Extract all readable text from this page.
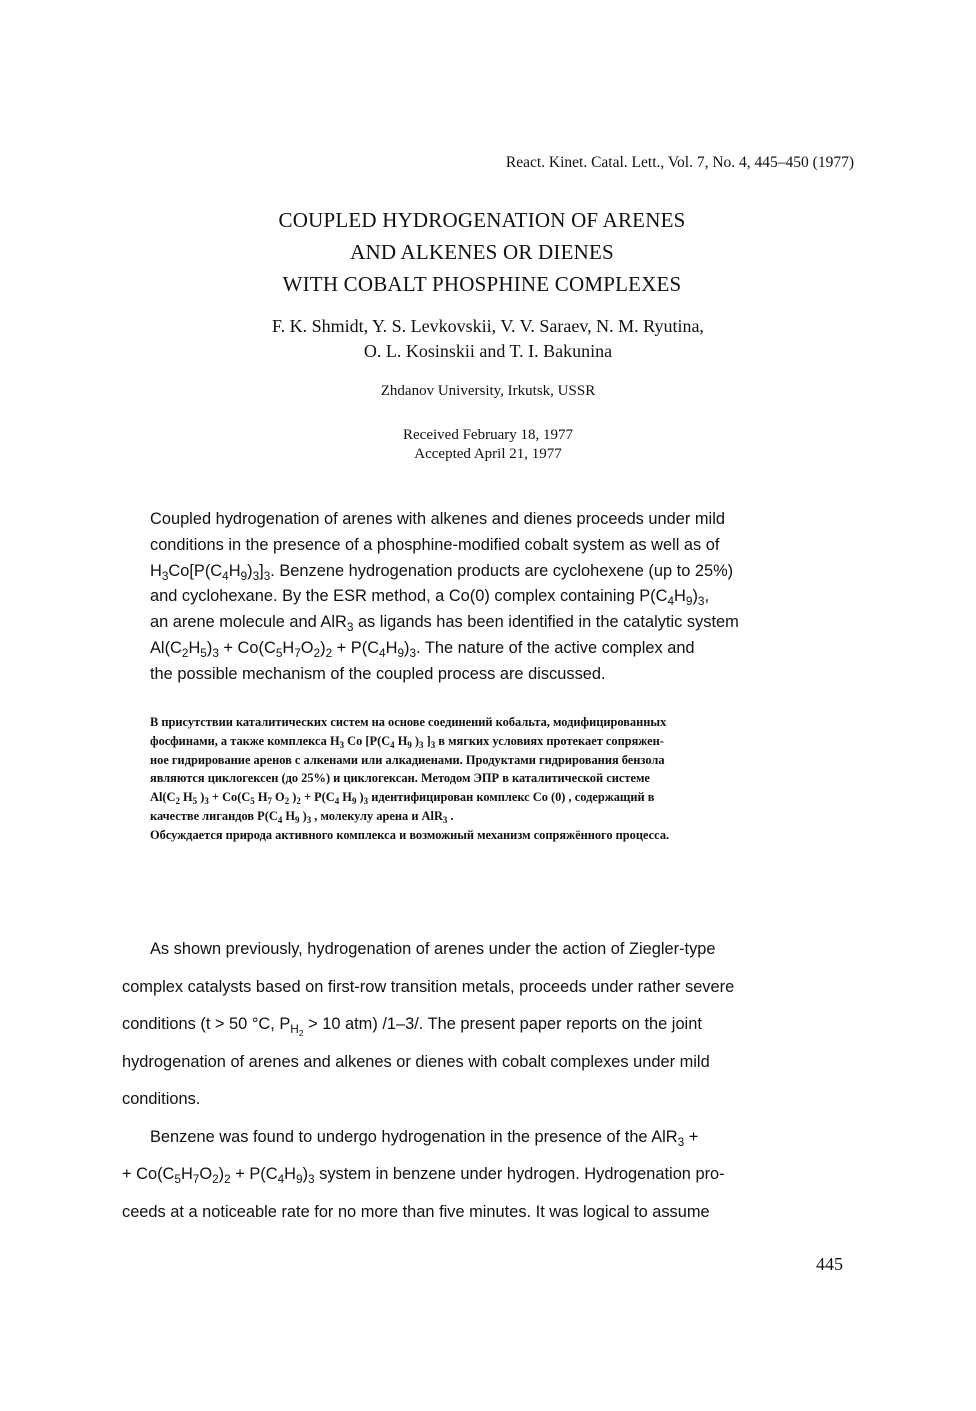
React. Kinet. Catal. Lett., Vol. 7, No. 4, 445–450 (1977)
COUPLED HYDROGENATION OF ARENES
AND ALKENES OR DIENES
WITH COBALT PHOSPHINE COMPLEXES
F. K. Shmidt, Y. S. Levkovskii, V. V. Saraev, N. M. Ryutina,
O. L. Kosinskii and T. I. Bakunina
Zhdanov University, Irkutsk, USSR
Received February 18, 1977
Accepted April 21, 1977
Coupled hydrogenation of arenes with alkenes and dienes proceeds under mild
conditions in the presence of a phosphine-modified cobalt system as well as of
$H_3Co[P(C_4H_9)_3]_3$. Benzene hydrogenation products are cyclohexene (up to 25%)
and cyclohexane. By the ESR method, a Co(0) complex containing $P(C_4H_9)_3$,
an arene molecule and AlR$_3$ as ligands has been identified in the catalytic system
$Al(C_2H_5)_3 + Co(C_5H_7O_2)_2 + P(C_4H_9)_3$. The nature of the active complex and
the possible mechanism of the coupled process are discussed.
В присутствии каталитических систем на основе соединений кобальта, модифицированных
фосфинами, а также комплекса $H_3$ Co [$P(C_4$ $H_9$ )$_3$ ]$_3$ в мягких условиях протекает сопряжен-
ное гидрирование аренов с алкенами или алкадиенами. Продуктами гидрирования бензола
являются циклогексен (до 25%) и циклогексан. Методом ЭПР в каталитической системе
$Al(C_2$ $H_5$ )$_3 + Co(C_5$ $H_7$ $O_2$ )$_2 + P(C_4$ $H_9$ )$_3$ идентифицирован комплекс Co (0) , содержащий в
качестве лигандов $P(C_4$ $H_9$ )$_3$ , молекулу арена и AlR$_3$ .
Обсуждается природа активного комплекса и возможный механизм сопряжённого процесса.
As shown previously, hydrogenation of arenes under the action of Ziegler-type
complex catalysts based on first-row transition metals, proceeds under rather severe
conditions (t > 50 °C, $P_{H_2} > 10$ atm) /1–3/. The present paper reports on the joint
hydrogenation of arenes and alkenes or dienes with cobalt complexes under mild
conditions.
Benzene was found to undergo hydrogenation in the presence of the AlR$_3$ +
+ $Co(C_5H_7O_2)_2 + P(C_4H_9)_3$ system in benzene under hydrogen. Hydrogenation pro-
ceeds at a noticeable rate for no more than five minutes. It was logical to assume
445
